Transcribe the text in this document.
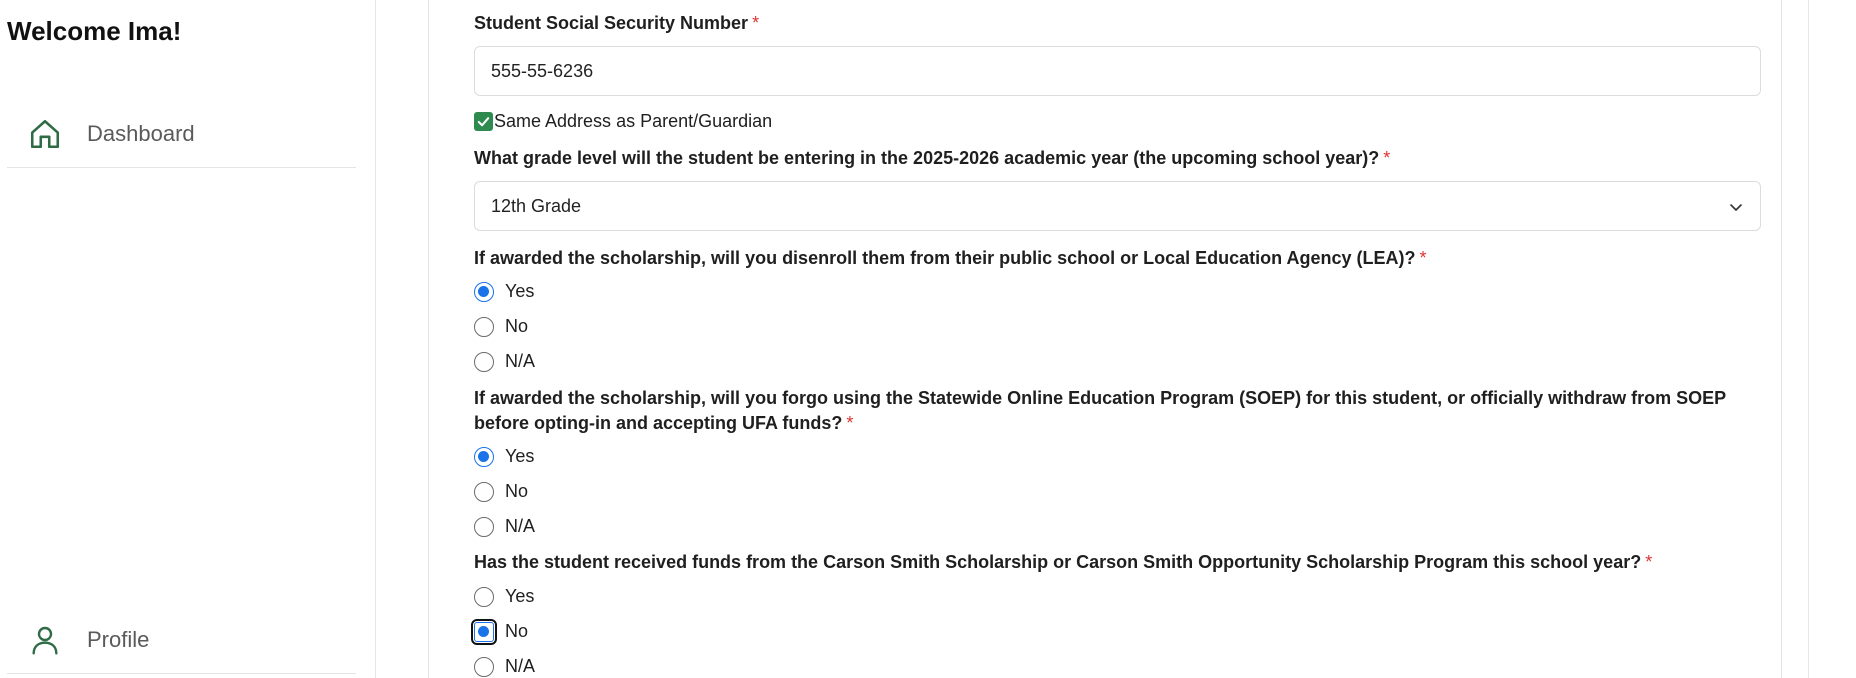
Welcome Ima!
Dashboard
Profile
Student Social Security Number *
555-55-6236
Same Address as Parent/Guardian
What grade level will the student be entering in the 2025-2026 academic year (the upcoming school year)? *
12th Grade
If awarded the scholarship, will you disenroll them from their public school or Local Education Agency (LEA)? *
Yes
No
N/A
If awarded the scholarship, will you forgo using the Statewide Online Education Program (SOEP) for this student, or officially withdraw from SOEP before opting-in and accepting UFA funds? *
Yes
No
N/A
Has the student received funds from the Carson Smith Scholarship or Carson Smith Opportunity Scholarship Program this school year? *
Yes
No
N/A
